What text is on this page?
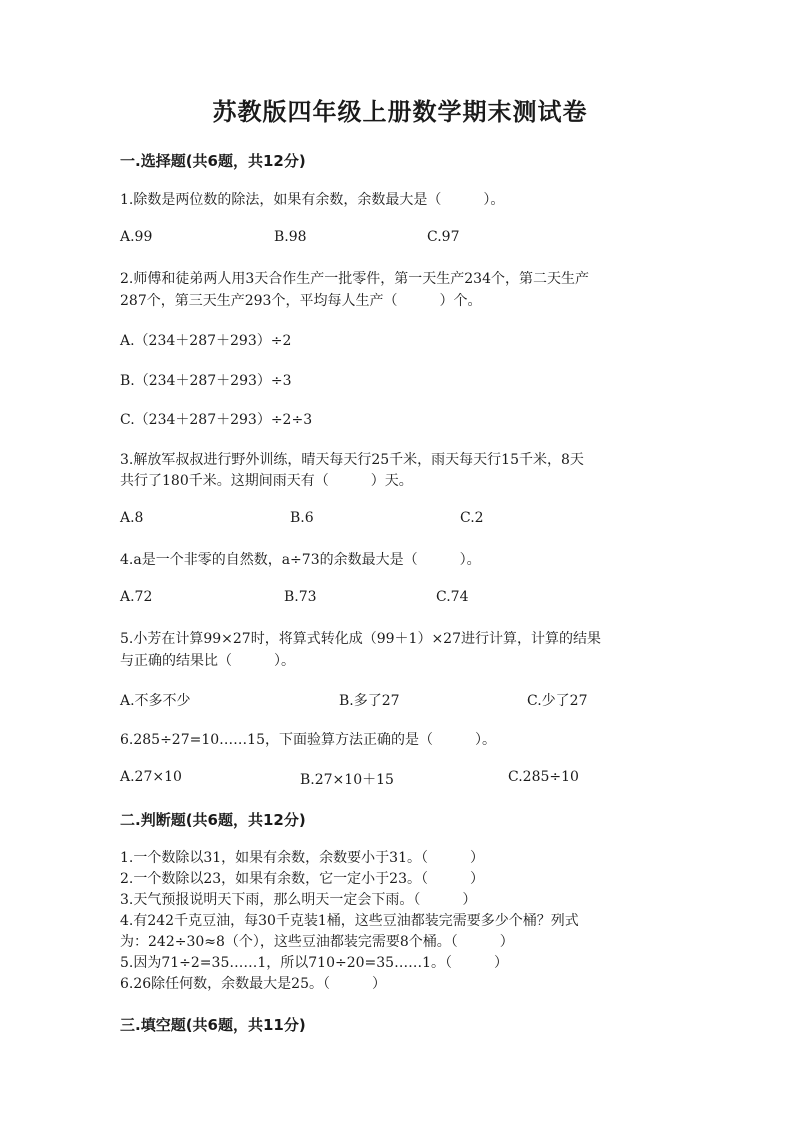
苏教版四年级上册数学期末测试卷
一.选择题(共6题，共12分)
1.除数是两位数的除法，如果有余数，余数最大是（　　　）。
A.99	B.98	C.97
2.师傅和徒弟两人用3天合作生产一批零件，第一天生产234个，第二天生产
287个，第三天生产293个，平均每人生产（　　　）个。
A.（234＋287＋293）÷2
B.（234＋287＋293）÷3
C.（234＋287＋293）÷2÷3
3.解放军叔叔进行野外训练，晴天每天行25千米，雨天每天行15千米，8天
共行了180千米。这期间雨天有（　　　）天。
A.8	B.6	C.2
4.a是一个非零的自然数，a÷73的余数最大是（　　　）。
A.72	B.73	C.74
5.小芳在计算99×27时，将算式转化成（99＋1）×27进行计算，计算的结果
与正确的结果比（　　　）。
A.不多不少	B.多了27	C.少了27
6.285÷27=10……15，下面验算方法正确的是（　　　）。
A.27×10	B.27×10＋15	C.285÷10
二.判断题(共6题，共12分)
1.一个数除以31，如果有余数，余数要小于31。（　　　）
2.一个数除以23，如果有余数，它一定小于23。（　　　）
3.天气预报说明天下雨，那么明天一定会下雨。（　　　）
4.有242千克豆油，每30千克装1桶，这些豆油都装完需要多少个桶？列式
为：242÷30≈8（个），这些豆油都装完需要8个桶。（　　　）
5.因为71÷2=35……1，所以710÷20=35……1。（　　　）
6.26除任何数，余数最大是25。（　　　）
三.填空题(共6题，共11分)
